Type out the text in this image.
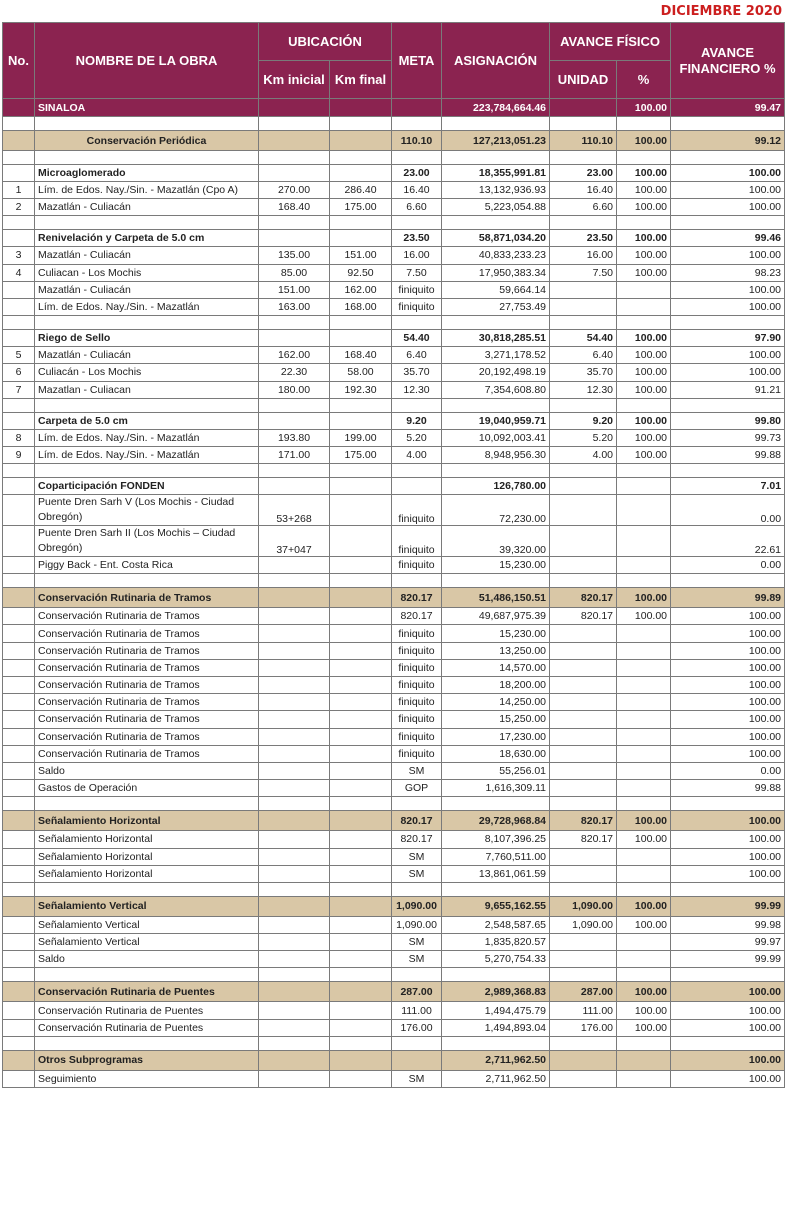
DICIEMBRE 2020
No.	NOMBRE DE LA OBRA	UBICACIÓN		META	ASIGNACIÓN	AVANCE FÍSICO		AVANCE FINANCIERO %
		Km inicial	Km final			UNIDAD	%	
	SINALOA				223,784,664.46		100.00	99.47

	Conservación Periódica			110.10	127,213,051.23	110.10	100.00	99.12

	Microaglomerado			23.00	18,355,991.81	23.00	100.00	100.00
1	Lím. de Edos. Nay./Sin. - Mazatlán (Cpo A)	270.00	286.40	16.40	13,132,936.93	16.40	100.00	100.00
2	Mazatlán - Culiacán	168.40	175.00	6.60	5,223,054.88	6.60	100.00	100.00

	Renivelación y Carpeta de 5.0 cm			23.50	58,871,034.20	23.50	100.00	99.46
3	Mazatlán - Culiacán	135.00	151.00	16.00	40,833,233.23	16.00	100.00	100.00
4	Culiacan - Los Mochis	85.00	92.50	7.50	17,950,383.34	7.50	100.00	98.23
	Mazatlán - Culiacán	151.00	162.00	finiquito	59,664.14			100.00
	Lím. de Edos. Nay./Sin. - Mazatlán	163.00	168.00	finiquito	27,753.49			100.00

	Riego de Sello			54.40	30,818,285.51	54.40	100.00	97.90
5	Mazatlán - Culiacán	162.00	168.40	6.40	3,271,178.52	6.40	100.00	100.00
6	Culiacán - Los Mochis	22.30	58.00	35.70	20,192,498.19	35.70	100.00	100.00
7	Mazatlan - Culiacan	180.00	192.30	12.30	7,354,608.80	12.30	100.00	91.21

	Carpeta de 5.0 cm			9.20	19,040,959.71	9.20	100.00	99.80
8	Lím. de Edos. Nay./Sin. - Mazatlán	193.80	199.00	5.20	10,092,003.41	5.20	100.00	99.73
9	Lím. de Edos. Nay./Sin. - Mazatlán	171.00	175.00	4.00	8,948,956.30	4.00	100.00	99.88

	Coparticipación FONDEN				126,780.00			7.01
	Puente Dren Sarh V (Los Mochis - Ciudad Obregón)	53+268		finiquito	72,230.00			0.00
	Puente Dren Sarh II (Los Mochis – Ciudad Obregón)	37+047		finiquito	39,320.00			22.61
	Piggy Back - Ent. Costa Rica			finiquito	15,230.00			0.00

	Conservación Rutinaria de Tramos			820.17	51,486,150.51	820.17	100.00	99.89
	Conservación Rutinaria de Tramos			820.17	49,687,975.39	820.17	100.00	100.00
	Conservación Rutinaria de Tramos			finiquito	15,230.00			100.00
	Conservación Rutinaria de Tramos			finiquito	13,250.00			100.00
	Conservación Rutinaria de Tramos			finiquito	14,570.00			100.00
	Conservación Rutinaria de Tramos			finiquito	18,200.00			100.00
	Conservación Rutinaria de Tramos			finiquito	14,250.00			100.00
	Conservación Rutinaria de Tramos			finiquito	15,250.00			100.00
	Conservación Rutinaria de Tramos			finiquito	17,230.00			100.00
	Conservación Rutinaria de Tramos			finiquito	18,630.00			100.00
	Saldo			SM	55,256.01			0.00
	Gastos de Operación			GOP	1,616,309.11			99.88

	Señalamiento Horizontal			820.17	29,728,968.84	820.17	100.00	100.00
	Señalamiento Horizontal			820.17	8,107,396.25	820.17	100.00	100.00
	Señalamiento Horizontal			SM	7,760,511.00			100.00
	Señalamiento Horizontal			SM	13,861,061.59			100.00

	Señalamiento Vertical			1,090.00	9,655,162.55	1,090.00	100.00	99.99
	Señalamiento Vertical			1,090.00	2,548,587.65	1,090.00	100.00	99.98
	Señalamiento Vertical			SM	1,835,820.57			99.97
	Saldo			SM	5,270,754.33			99.99

	Conservación Rutinaria de Puentes			287.00	2,989,368.83	287.00	100.00	100.00
	Conservación Rutinaria de Puentes			111.00	1,494,475.79	111.00	100.00	100.00
	Conservación Rutinaria de Puentes			176.00	1,494,893.04	176.00	100.00	100.00

	Otros Subprogramas				2,711,962.50			100.00
	Seguimiento			SM	2,711,962.50			100.00
